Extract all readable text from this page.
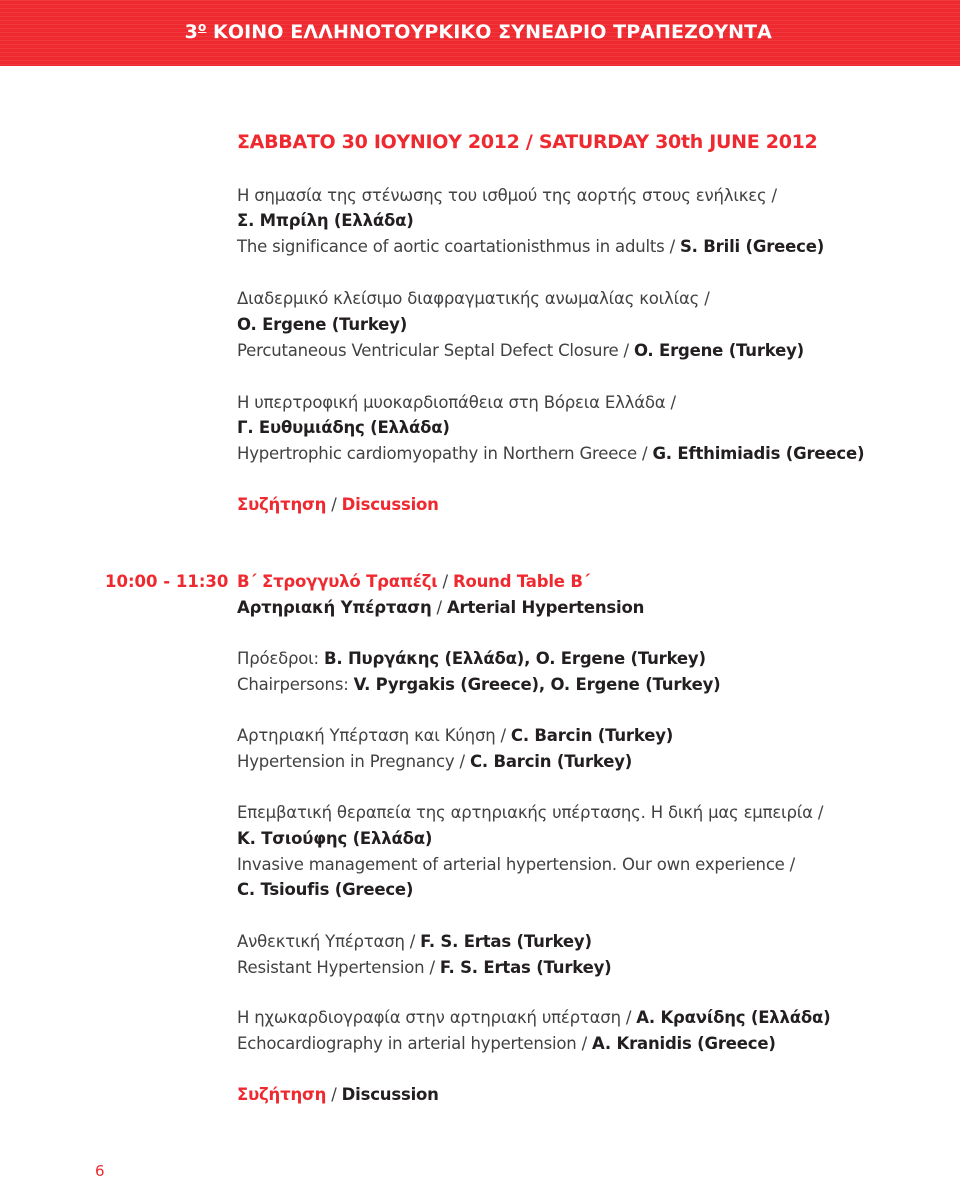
$3^o$ ΚΟΙΝΟ ΕΛΛΗΝΟΤΟΥΡΚΙΚΟ ΣΥΝΕΔΡΙΟ ΤΡΑΠΕΖΟΥΝΤΑ
ΣΑΒΒΑΤΟ 30 ΙΟΥΝΙΟΥ 2012 / SATURDAY 30th JUNE 2012
Η σημασία της στένωσης του ισθμού της αορτής στους ενήλικες /
Σ. Μπρίλη (Ελλάδα)
The significance of aortic coartationisthmus in adults / S. Brili (Greece)
Διαδερμικό κλείσιμο διαφραγματικής ανωμαλίας κοιλίας /
O. Ergene (Turkey)
Percutaneous Ventricular Septal Defect Closure / O. Ergene (Turkey)
Η υπερτροφική μυοκαρδιοπάθεια στη Βόρεια Ελλάδα /
Γ. Ευθυμιάδης (Ελλάδα)
Hypertrophic cardiomyopathy in Northern Greece / G. Efthimiadis (Greece)
Συζήτηση / Discussion
10:00 - 11:30 Β΄ Στρογγυλό Τραπέζι / Round Table B΄
Αρτηριακή Υπέρταση / Arterial Hypertension
Πρόεδροι: Β. Πυργάκης (Ελλάδα), O. Ergene (Turkey)
Chairpersons: V. Pyrgakis (Greece), O. Ergene (Turkey)
Αρτηριακή Υπέρταση και Κύηση / C. Barcin (Turkey)
Hypertension in Pregnancy / C. Barcin (Turkey)
Επεμβατική θεραπεία της αρτηριακής υπέρτασης. Η δική μας εμπειρία /
Κ. Τσιούφης (Ελλάδα)
Invasive management of arterial hypertension. Our own experience /
C. Tsioufis (Greece)
Ανθεκτική Υπέρταση / F. S. Ertas (Turkey)
Resistant Hypertension / F. S. Ertas (Turkey)
Η ηχωκαρδιογραφία στην αρτηριακή υπέρταση / Α. Κρανίδης (Ελλάδα)
Echocardiography in arterial hypertension / A. Kranidis (Greece)
Συζήτηση / Discussion
6
